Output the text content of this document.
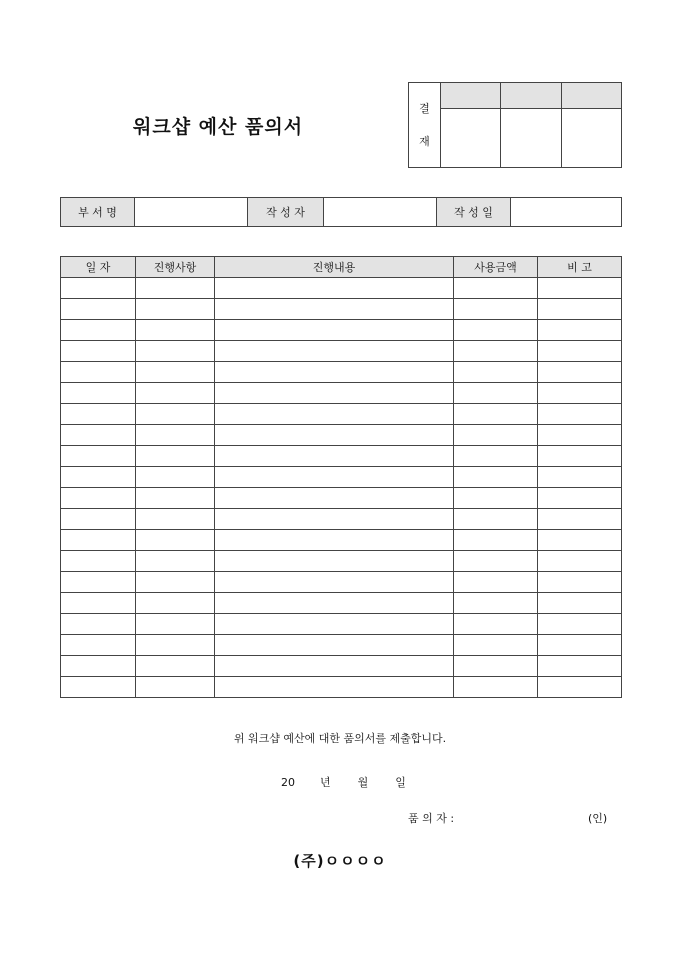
워크샵 예산 품의서
결
재			

부 서 명		작 성 자		작 성 일	
일 자	진행사항	진행내용	사용금액	비 고

위 워크샵 예산에 대한 품의서를 제출합니다.
20 년 월 일
품 의 자 :	(인)
(주)ㅇㅇㅇㅇ
